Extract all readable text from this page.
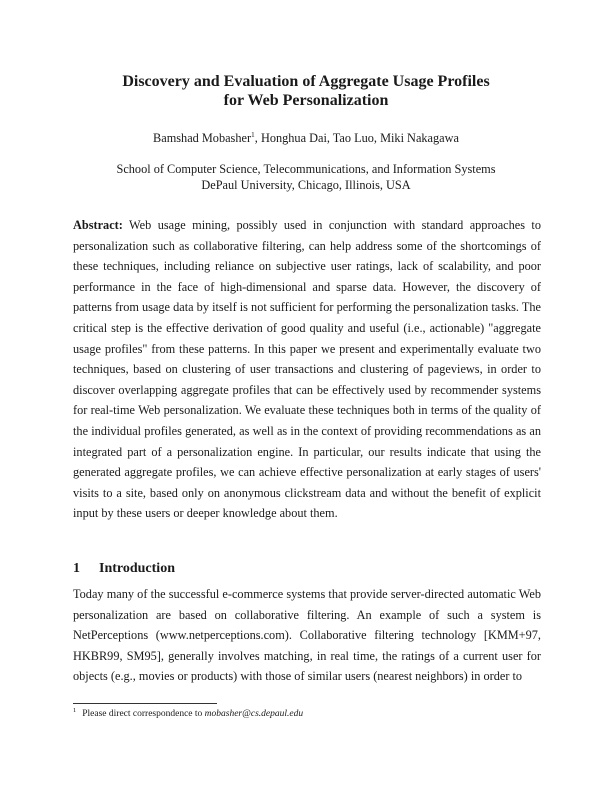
Discovery and Evaluation of Aggregate Usage Profiles
for Web Personalization
Bamshad Mobasher$^1$, Honghua Dai, Tao Luo, Miki Nakagawa
School of Computer Science, Telecommunications, and Information Systems
DePaul University, Chicago, Illinois, USA

Abstract: Web usage mining, possibly used in conjunction with standard approaches to personalization such as collaborative filtering, can help address some of the shortcomings of these techniques, including reliance on subjective user ratings, lack of scalability, and poor performance in the face of high-dimensional and sparse data. However, the discovery of patterns from usage data by itself is not sufficient for performing the personalization tasks. The critical step is the effective derivation of good quality and useful (i.e., actionable) "aggregate usage profiles" from these patterns. In this paper we present and experimentally evaluate two techniques, based on clustering of user transactions and clustering of pageviews, in order to discover overlapping aggregate profiles that can be effectively used by recommender systems for real-time Web personalization. We evaluate these techniques both in terms of the quality of the individual profiles generated, as well as in the context of providing recommendations as an integrated part of a personalization engine. In particular, our results indicate that using the generated aggregate profiles, we can achieve effective personalization at early stages of users' visits to a site, based only on anonymous clickstream data and without the benefit of explicit input by these users or deeper knowledge about them.

1 Introduction

Today many of the successful e-commerce systems that provide server-directed automatic Web personalization are based on collaborative filtering. An example of such a system is NetPerceptions (www.netperceptions.com). Collaborative filtering technology [KMM+97, HKBR99, SM95], generally involves matching, in real time, the ratings of a current user for objects (e.g., movies or products) with those of similar users (nearest neighbors) in order to

$^1$ Please direct correspondence to mobasher@cs.depaul.edu
